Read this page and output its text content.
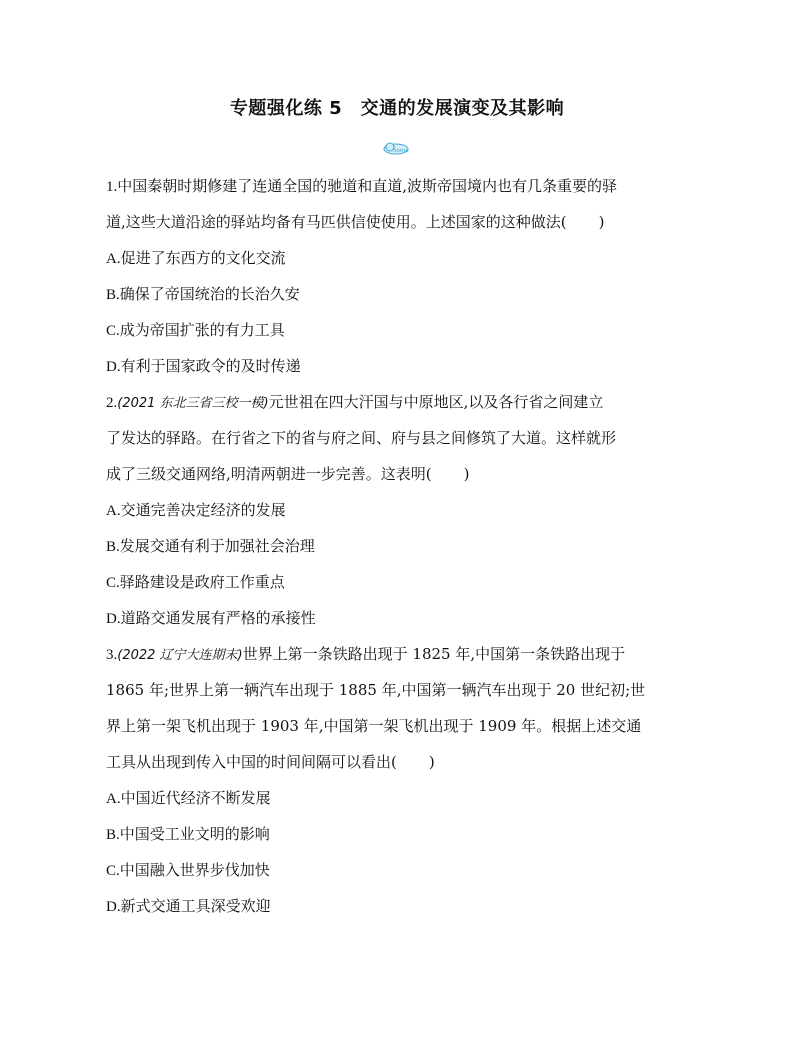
专题强化练 5　交通的发展演变及其影响
5ome
1.中国秦朝时期修建了连通全国的驰道和直道,波斯帝国境内也有几条重要的驿
道,这些大道沿途的驿站均备有马匹供信使使用。上述国家的这种做法( )
A.促进了东西方的文化交流
B.确保了帝国统治的长治久安
C.成为帝国扩张的有力工具
D.有利于国家政令的及时传递
2.(2021 东北三省三校一模)元世祖在四大汗国与中原地区,以及各行省之间建立
了发达的驿路。在行省之下的省与府之间、府与县之间修筑了大道。这样就形
成了三级交通网络,明清两朝进一步完善。这表明( )
A.交通完善决定经济的发展
B.发展交通有利于加强社会治理
C.驿路建设是政府工作重点
D.道路交通发展有严格的承接性
3.(2022 辽宁大连期末)世界上第一条铁路出现于 1825 年,中国第一条铁路出现于
1865 年;世界上第一辆汽车出现于 1885 年,中国第一辆汽车出现于 20 世纪初;世
界上第一架飞机出现于 1903 年,中国第一架飞机出现于 1909 年。根据上述交通
工具从出现到传入中国的时间间隔可以看出( )
A.中国近代经济不断发展
B.中国受工业文明的影响
C.中国融入世界步伐加快
D.新式交通工具深受欢迎
